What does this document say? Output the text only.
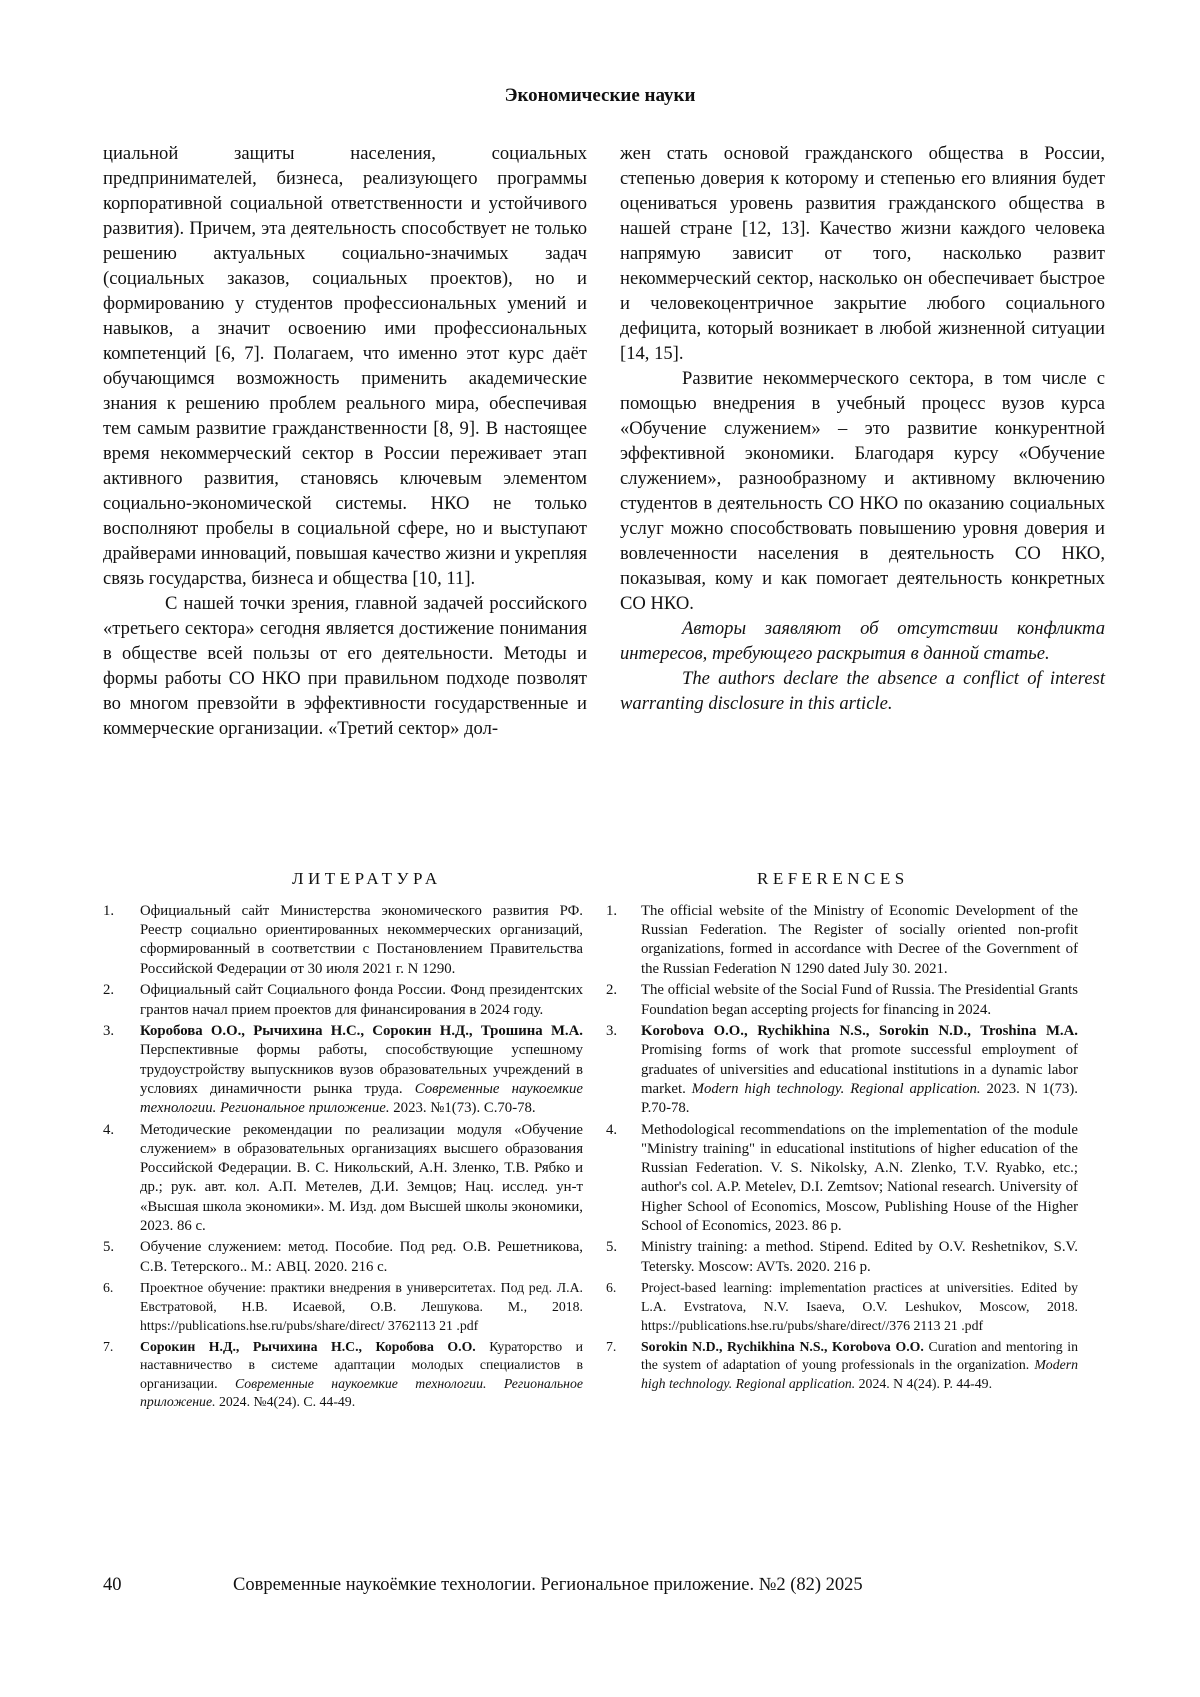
Экономические науки

циальной защиты населения, социальных предпринимателей, бизнеса, реализующего программы корпоративной социальной ответственности и устойчивого развития). Причем, эта деятельность способствует не только решению актуальных социально-значимых задач (социальных заказов, социальных проектов), но и формированию у студентов профессиональных умений и навыков, а значит освоению ими профессиональных компетенций [6, 7]. Полагаем, что именно этот курс даёт обучающимся возможность применить академические знания к решению проблем реального мира, обеспечивая тем самым развитие гражданственности [8, 9]. В настоящее время некоммерческий сектор в России переживает этап активного развития, становясь ключевым элементом социально-экономической системы. НКО не только восполняют пробелы в социальной сфере, но и выступают драйверами инноваций, повышая качество жизни и укрепляя связь государства, бизнеса и общества [10, 11].

С нашей точки зрения, главной задачей российского «третьего сектора» сегодня является достижение понимания в обществе всей пользы от его деятельности. Методы и формы работы СО НКО при правильном подходе позволят во многом превзойти в эффективности государственные и коммерческие организации. «Третий сектор» дол-

жен стать основой гражданского общества в России, степенью доверия к которому и степенью его влияния будет оцениваться уровень развития гражданского общества в нашей стране [12, 13]. Качество жизни каждого человека напрямую зависит от того, насколько развит некоммерческий сектор, насколько он обеспечивает быстрое и человекоцентричное закрытие любого социального дефицита, который возникает в любой жизненной ситуации [14, 15].

Развитие некоммерческого сектора, в том числе с помощью внедрения в учебный процесс вузов курса «Обучение служением» – это развитие конкурентной эффективной экономики. Благодаря курсу «Обучение служением», разнообразному и активному включению студентов в деятельность СО НКО по оказанию социальных услуг можно способствовать повышению уровня доверия и вовлеченности населения в деятельность СО НКО, показывая, кому и как помогает деятельность конкретных СО НКО.

Авторы заявляют об отсутствии конфликта интересов, требующего раскрытия в данной статье.

The authors declare the absence a conflict of interest warranting disclosure in this article.

ЛИТЕРАТУРА	REFERENCES
1. Официальный сайт Министерства экономического развития РФ. Реестр социально ориентированных некоммерческих организаций, сформированный в соответствии с Постановлением Правительства Российской Федерации от 30 июля 2021 г. N 1290.
2. Официальный сайт Социального фонда России. Фонд президентских грантов начал прием проектов для финансирования в 2024 году.
3. Коробова О.О., Рычихина Н.С., Сорокин Н.Д., Трошина М.А. Перспективные формы работы, способствующие успешному трудоустройству выпускников вузов образовательных учреждений в условиях динамичности рынка труда. Современные наукоемкие технологии. Региональное приложение. 2023. №1(73). С.70-78.
4. Методические рекомендации по реализации модуля «Обучение служением» в образовательных организациях высшего образования Российской Федерации. В. С. Никольский, А.Н. Зленко, Т.В. Рябко и др.; рук. авт. кол. А.П. Метелев, Д.И. Земцов; Нац. исслед. ун-т «Высшая школа экономики». М. Изд. дом Высшей школы экономики, 2023. 86 с.
5. Обучение служением: метод. Пособие. Под ред. О.В. Решетникова, С.В. Тетерского.. М.: АВЦ. 2020. 216 с.
6. Проектное обучение: практики внедрения в университетах. Под ред. Л.А. Евстратовой, Н.В. Исаевой, О.В. Лешукова. М., 2018. https://publications.hse.ru/pubs/share/direct/ 3762113 21 .pdf
7. Сорокин Н.Д., Рычихина Н.С., Коробова О.О. Кураторство и наставничество в системе адаптации молодых специалистов в организации. Современные наукоемкие технологии. Региональное приложение. 2024. №4(24). С. 44-49.
1. The official website of the Ministry of Economic Development of the Russian Federation. The Register of socially oriented non-profit organizations, formed in accordance with Decree of the Government of the Russian Federation N 1290 dated July 30. 2021.
2. The official website of the Social Fund of Russia. The Presidential Grants Foundation began accepting projects for financing in 2024.
3. Korobova O.O., Rychikhina N.S., Sorokin N.D., Troshina M.A. Promising forms of work that promote successful employment of graduates of universities and educational institutions in a dynamic labor market. Modern high technology. Regional application. 2023. N 1(73). P.70-78.
4. Methodological recommendations on the implementation of the module "Ministry training" in educational institutions of higher education of the Russian Federation. V. S. Nikolsky, A.N. Zlenko, T.V. Ryabko, etc.; author's col. A.P. Metelev, D.I. Zemtsov; National research. University of Higher School of Economics, Moscow, Publishing House of the Higher School of Economics, 2023. 86 p.
5. Ministry training: a method. Stipend. Edited by O.V. Reshetnikov, S.V. Tetersky. Moscow: AVTs. 2020. 216 p.
6. Project-based learning: implementation practices at universities. Edited by L.A. Evstratova, N.V. Isaeva, O.V. Leshukov, Moscow, 2018. https://publications.hse.ru/pubs/share/direct//376 2113 21 .pdf
7. Sorokin N.D., Rychikhina N.S., Korobova O.O. Curation and mentoring in the system of adaptation of young professionals in the organization. Modern high technology. Regional application. 2024. N 4(24). P. 44-49.
40	Современные наукоёмкие технологии. Региональное приложение. №2 (82) 2025
